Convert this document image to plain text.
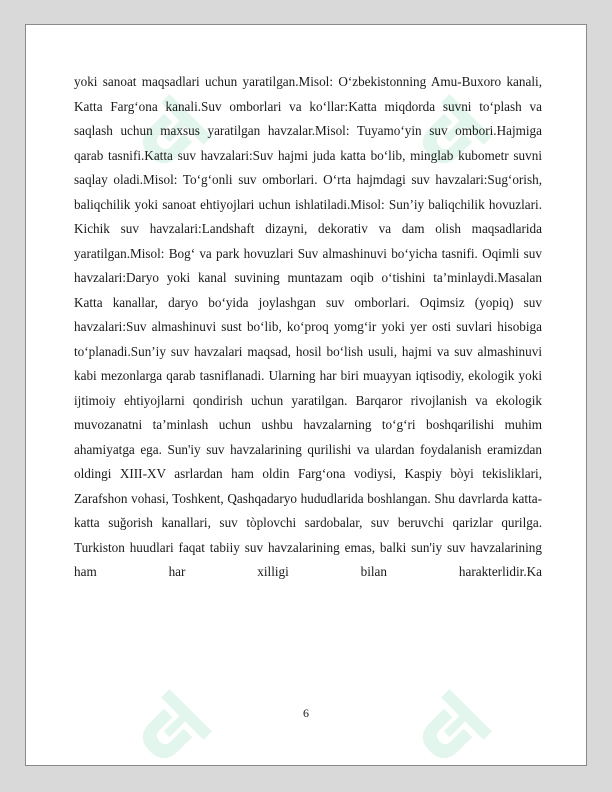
yoki sanoat maqsadlari uchun yaratilgan.Misol: O‘zbekistonning Amu-Buxoro kanali, Katta Farg‘ona kanali.Suv omborlari va ko‘llar:Katta miqdorda suvni to‘plash va saqlash uchun maxsus yaratilgan havzalar.Misol: Tuyamo‘yin suv ombori.Hajmiga qarab tasnifi.Katta suv havzalari:Suv hajmi juda katta bo‘lib, minglab kubometr suvni saqlay oladi.Misol: To‘g‘onli suv omborlari. O‘rta hajmdagi suv havzalari:Sug‘orish, baliqchilik yoki sanoat ehtiyojlari uchun ishlatiladi.Misol: Sun’iy baliqchilik hovuzlari. Kichik suv havzalari:Landshaft dizayni, dekorativ va dam olish maqsadlarida yaratilgan.Misol: Bog‘ va park hovuzlari Suv almashinuvi bo‘yicha tasnifi. Oqimli suv havzalari:Daryo yoki kanal suvining muntazam oqib o‘tishini ta’minlaydi.Masalan Katta kanallar, daryo bo‘yida joylashgan suv omborlari. Oqimsiz (yopiq) suv havzalari:Suv almashinuvi sust bo‘lib, ko‘proq yomg‘ir yoki yer osti suvlari hisobiga to‘planadi.Sun’iy suv havzalari maqsad, hosil bo‘lish usuli, hajmi va suv almashinuvi kabi mezonlarga qarab tasniflanadi. Ularning har biri muayyan iqtisodiy, ekologik yoki ijtimoiy ehtiyojlarni qondirish uchun yaratilgan. Barqaror rivojlanish va ekologik muvozanatni ta’minlash uchun ushbu havzalarning to‘g‘ri boshqarilishi muhim ahamiyatga ega. Sun'iy suv havzalarining qurilishi va ulardan foydalanish eramizdan oldingi XIII-XV asrlardan ham oldin Farg‘ona vodiysi, Kaspiy bòyi tekisliklari, Zarafshon vohasi, Toshkent, Qashqadaryo hududlarida boshlangan. Shu davrlarda katta-katta suğorish kanallari, suv tòplovchi sardobalar, suv beruvchi qarizlar qurilga. Turkiston huudlari faqat tabiiy suv havzalarining emas, balki sun'iy suv havzalarining ham har xilligi bilan harakterlidir.Ka

6
